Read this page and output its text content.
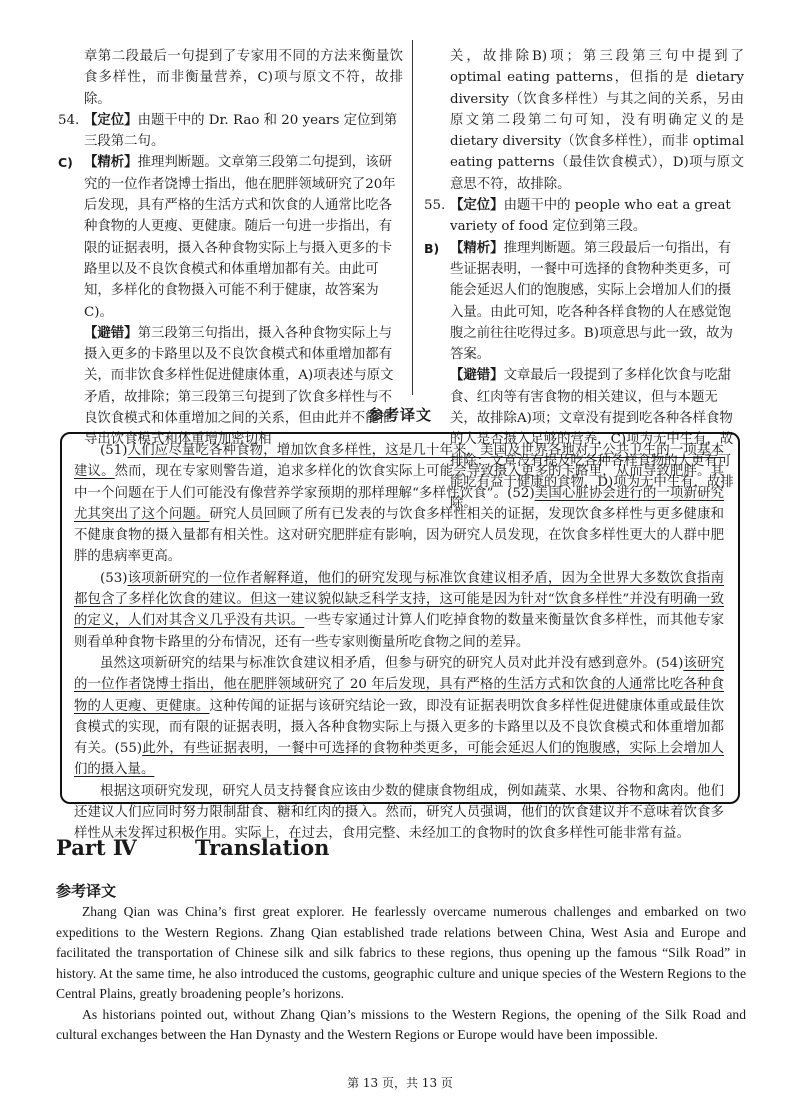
章第二段最后一句提到了专家用不同的方法来衡量饮食多样性，而非衡量营养，C)项与原文不符，故排除。

54. 【定位】由题干中的 Dr. Rao 和 20 years 定位到第三段第二句。
C) 【精析】推理判断题。文章第三段第二句提到，该研究的一位作者饶博士指出，他在肥胖领域研究了20年后发现，具有严格的生活方式和饮食的人通常比吃各种食物的人更瘦、更健康。随后一句进一步指出，有限的证据表明，摄入各种食物实际上与摄入更多的卡路里以及不良饮食模式和体重增加都有关。由此可知，多样化的食物摄入可能不利于健康，故答案为C)。
【避错】第三段第三句指出，摄入各种食物实际上与摄入更多的卡路里以及不良饮食模式和体重增加都有关，而非饮食多样性促进健康体重，A)项表述与原文矛盾，故排除；第三段第三句提到了饮食多样性与不良饮食模式和体重增加之间的关系，但由此并不能推导出饮食模式和体重增加密切相

关，故排除B)项；第三段第三句中提到了 optimal eating patterns，但指的是 dietary diversity（饮食多样性）与其之间的关系，另由原文第二段第二句可知，没有明确定义的是 dietary diversity（饮食多样性），而非 optimal eating patterns（最佳饮食模式），D)项与原文意思不符，故排除。

55. 【定位】由题干中的 people who eat a great variety of food 定位到第三段。
B) 【精析】推理判断题。第三段最后一句指出，有些证据表明，一餐中可选择的食物种类更多，可能会延迟人们的饱腹感，实际上会增加人们的摄入量。由此可知，吃各种各样食物的人在感觉饱腹之前往往吃得过多。B)项意思与此一致，故为答案。
【避错】文章最后一段提到了多样化饮食与吃甜食、红肉等有害食物的相关建议，但与本题无关，故排除A)项；文章没有提到吃各种各样食物的人是否摄入足够的营养，C)项为无中生有，故排除；文章没有提及吃各种各样食物的人更有可能吃有益于健康的食物，D)项为无中生有，故排除。
参考译文

(51)人们应尽量吃各种食物，增加饮食多样性，这是几十年来，美国及世界各地对于公共卫生的一项基本建议。然而，现在专家则警告道，追求多样化的饮食实际上可能会导致摄入更多的卡路里，从而导致肥胖。其中一个问题在于人们可能没有像营养学家预期的那样理解“多样性饮食”。(52)美国心脏协会进行的一项新研究尤其突出了这个问题。研究人员回顾了所有已发表的与饮食多样性相关的证据，发现饮食多样性与更多健康和不健康食物的摄入量都有相关性。这对研究肥胖症有影响，因为研究人员发现，在饮食多样性更大的人群中肥胖的患病率更高。

(53)该项新研究的一位作者解释道，他们的研究发现与标准饮食建议相矛盾，因为全世界大多数饮食指南都包含了多样化饮食的建议。但这一建议貌似缺乏科学支持，这可能是因为针对“饮食多样性”并没有明确一致的定义，人们对其含义几乎没有共识。一些专家通过计算人们吃掉食物的数量来衡量饮食多样性，而其他专家则看单种食物卡路里的分布情况，还有一些专家则衡量所吃食物之间的差异。

虽然这项新研究的结果与标准饮食建议相矛盾，但参与研究的研究人员对此并没有感到意外。(54)该研究的一位作者饶博士指出，他在肥胖领域研究了 20 年后发现，具有严格的生活方式和饮食的人通常比吃各种食物的人更瘦、更健康。这种传闻的证据与该研究结论一致，即没有证据表明饮食多样性促进健康体重或最佳饮食模式的实现，而有限的证据表明，摄入各种食物实际上与摄入更多的卡路里以及不良饮食模式和体重增加都有关。(55)此外，有些证据表明，一餐中可选择的食物种类更多，可能会延迟人们的饱腹感，实际上会增加人们的摄入量。

根据这项研究发现，研究人员支持餐食应该由少数的健康食物组成，例如蔬菜、水果、谷物和禽肉。他们还建议人们应同时努力限制甜食、糖和红肉的摄入。然而，研究人员强调，他们的饮食建议并不意味着饮食多样性从未发挥过积极作用。实际上，在过去，食用完整、未经加工的食物时的饮食多样性可能非常有益。

Part Ⅳ	Translation
参考译文

Zhang Qian was China’s first great explorer. He fearlessly overcame numerous challenges and embarked on two expeditions to the Western Regions. Zhang Qian established trade relations between China, West Asia and Europe and facilitated the transportation of Chinese silk and silk fabrics to these regions, thus opening up the famous “Silk Road” in history. At the same time, he also introduced the customs, geographic culture and unique species of the Western Regions to the Central Plains, greatly broadening people’s horizons.

As historians pointed out, without Zhang Qian’s missions to the Western Regions, the opening of the Silk Road and cultural exchanges between the Han Dynasty and the Western Regions or Europe would have been impossible.

第 13 页，共 13 页
